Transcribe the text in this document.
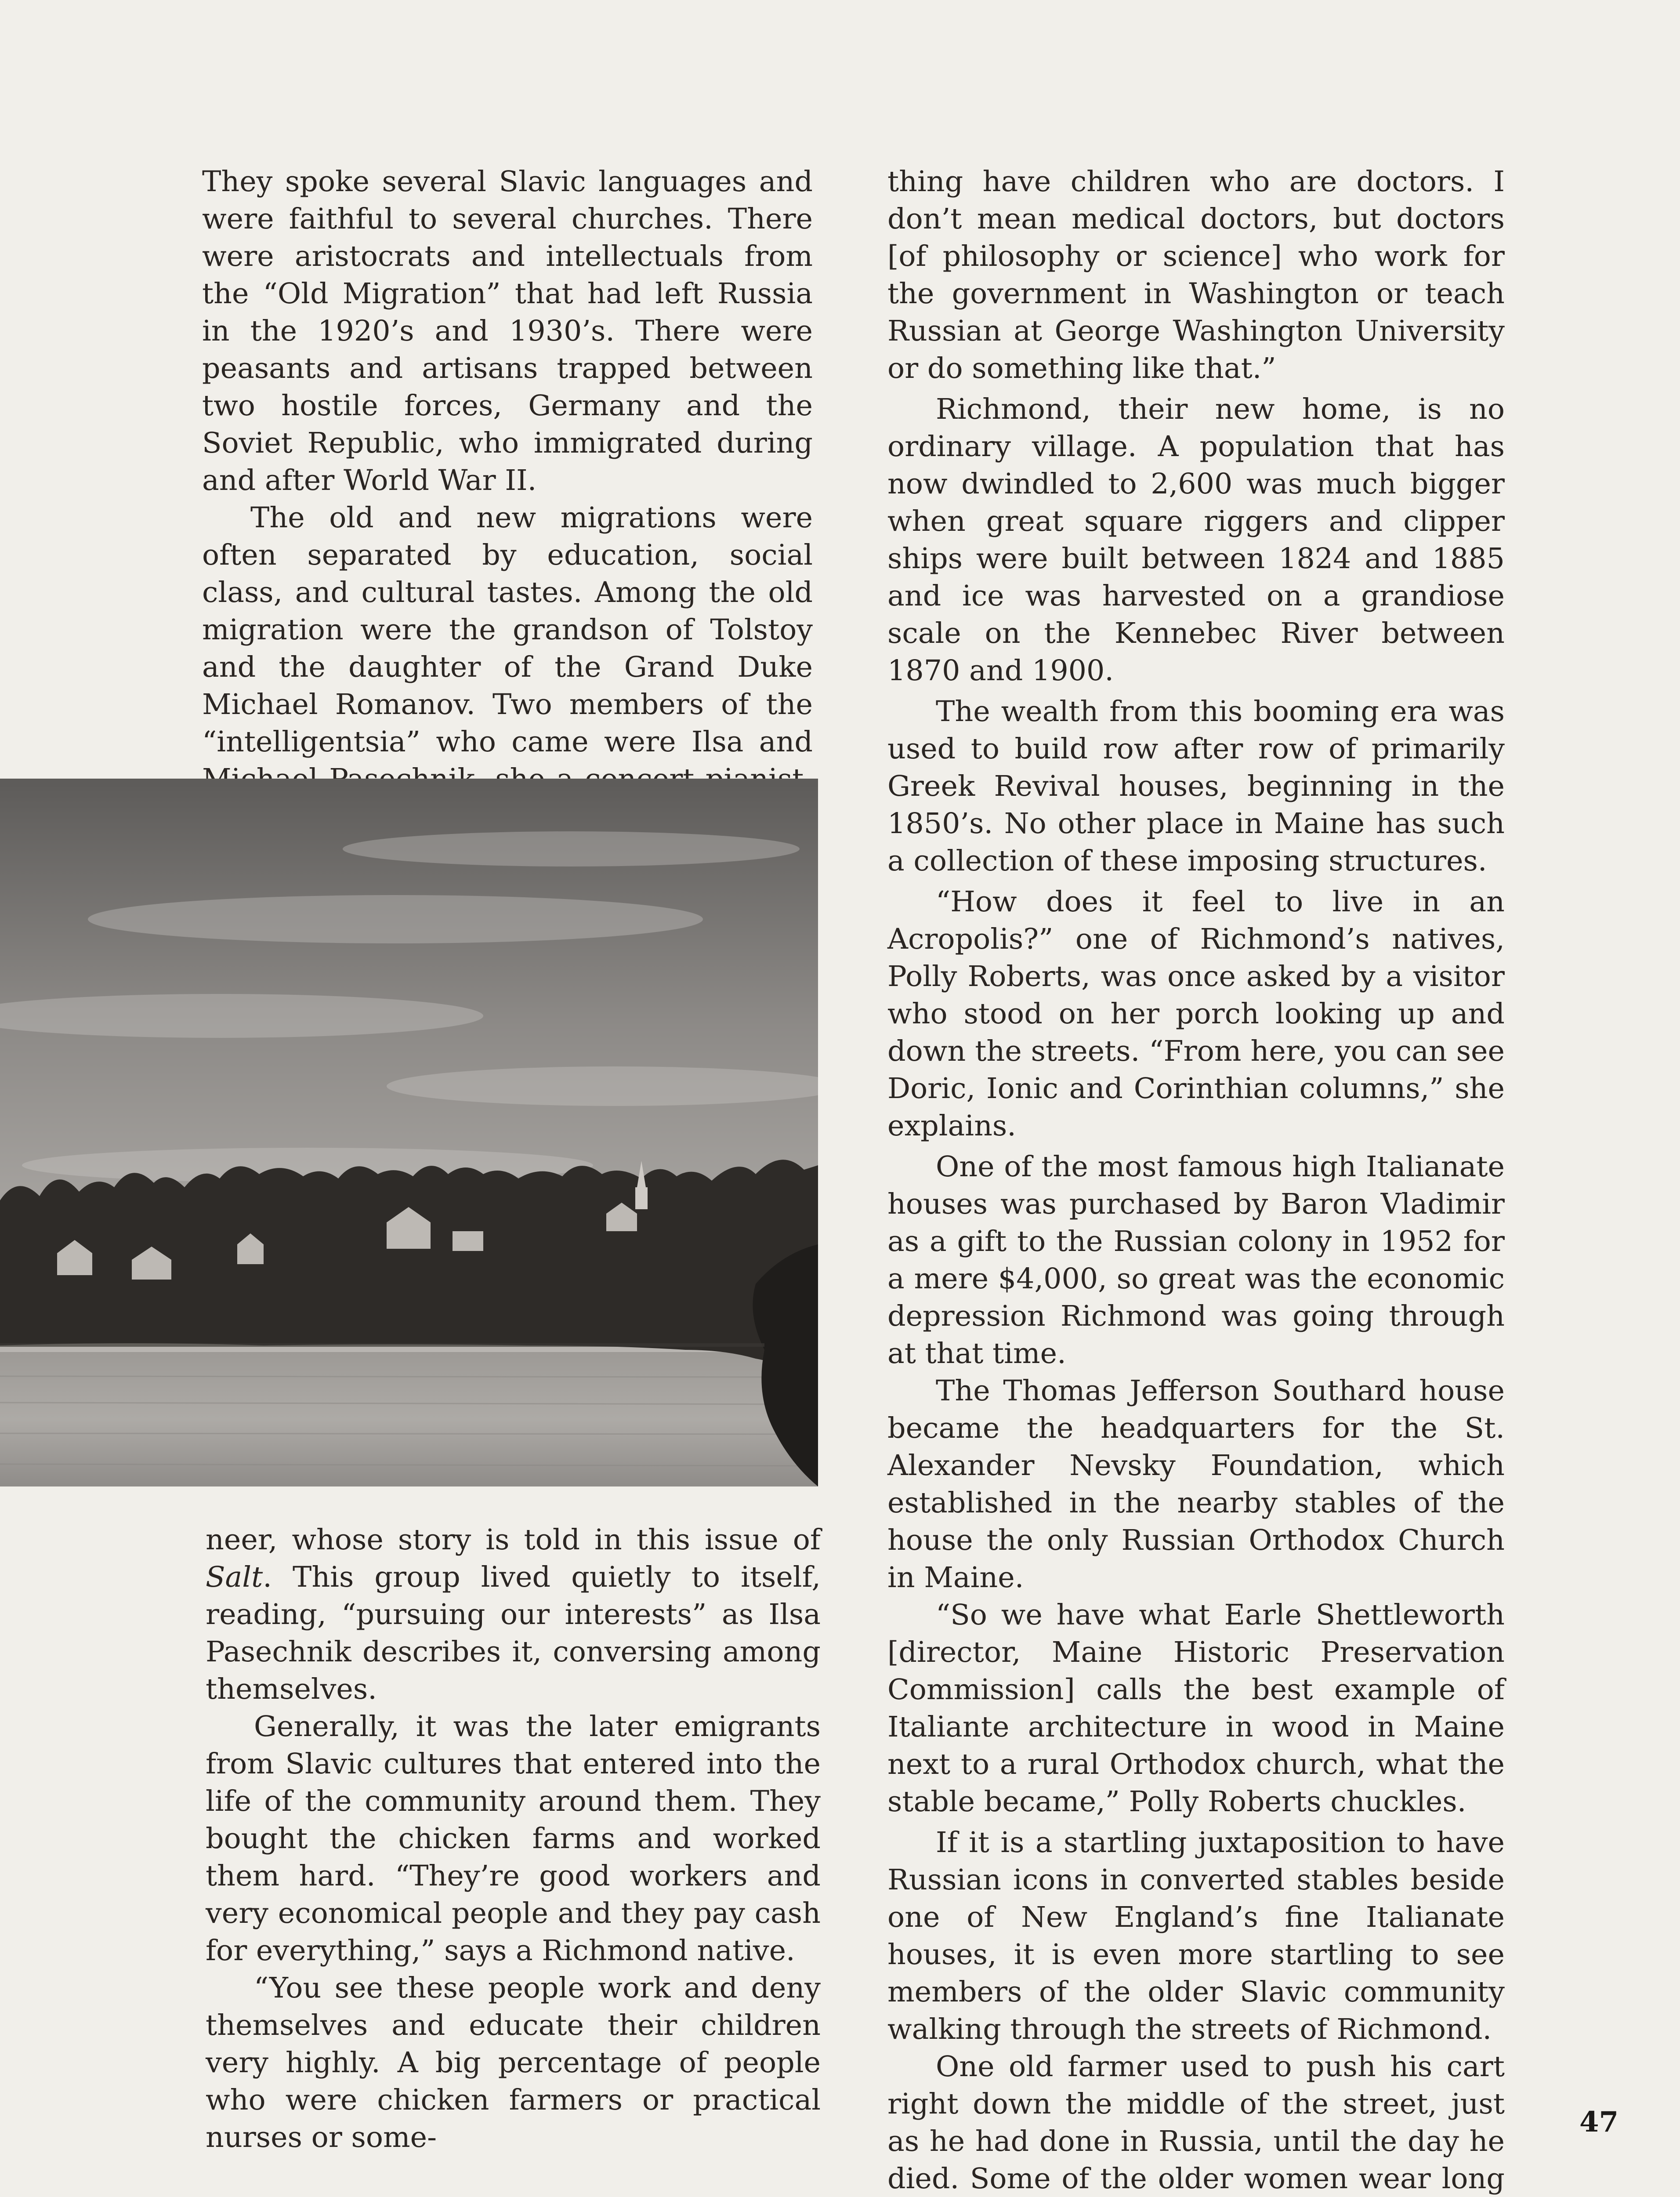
They spoke several Slavic languages and were faithful to several churches. There were aristocrats and intellectuals from the “Old Migration” that had left Russia in the 1920’s and 1930’s. There were peasants and artisans trapped between two hostile forces, Germany and the Soviet Republic, who immigrated during and after World War II.

The old and new migrations were often separated by education, social class, and cultural tastes. Among the old migration were the grandson of Tolstoy and the daughter of the Grand Duke Michael Romanov. Two members of the “intelligentsia” who came were Ilsa and

neer, whose story is told in this issue of Salt. This group lived quietly to itself, reading, “pursuing our interests” as Ilsa Pasechnik describes it, conversing among themselves.

Generally, it was the later emigrants from Slavic cultures that entered into the life of the community around them. They bought the chicken farms and worked them hard. “They’re good workers and very economical people and they pay cash for everything,” says a Richmond native.

“You see these people work and deny themselves and educate their children very highly. A big percentage of people who were chicken farmers or practical nurses or some-

thing have children who are doctors. I don’t mean medical doctors, but doctors [of philosophy or science] who work for the government in Washington or teach Russian at George Washington University or do something like that.”

Richmond, their new home, is no ordinary village. A population that has now dwindled to 2,600 was much bigger when great square riggers and clipper ships were built between 1824 and 1885 and ice was harvested on a grandiose scale on the Kennebec River between 1870 and 1900.

The wealth from this booming era was used to build row after row of primarily Greek Revival houses, beginning in the 1850’s. No other place in Maine has such a collection of these imposing structures.

“How does it feel to live in an Acropolis?” one of Richmond’s natives, Polly Roberts, was once asked by a visitor who stood on her porch looking up and down the streets. “From here, you can see Doric, Ionic and Corinthian columns,” she explains.

One of the most famous high Italianate houses was purchased by Baron Vladimir as a gift to the Russian colony in 1952 for a mere $4,000, so great was the economic depression Richmond was going through at that time.

The Thomas Jefferson Southard house became the headquarters for the St. Alexander Nevsky Foundation, which established in the nearby stables of the house the only Russian Orthodox Church in Maine.

“So we have what Earle Shettleworth [director, Maine Historic Preservation Commission] calls the best example of Italiante architecture in wood in Maine next to a rural Orthodox church, what the stable became,” Polly Roberts chuckles.

If it is a startling juxtaposition to have Russian icons in converted stables beside one of New England’s fine Italianate houses, it is even more startling to see members of the older Slavic community walking through the streets of Richmond.

One old farmer used to push his cart right down the middle of the street, just as he had done in Russia, until the day he died. Some of the older women wear long

47
